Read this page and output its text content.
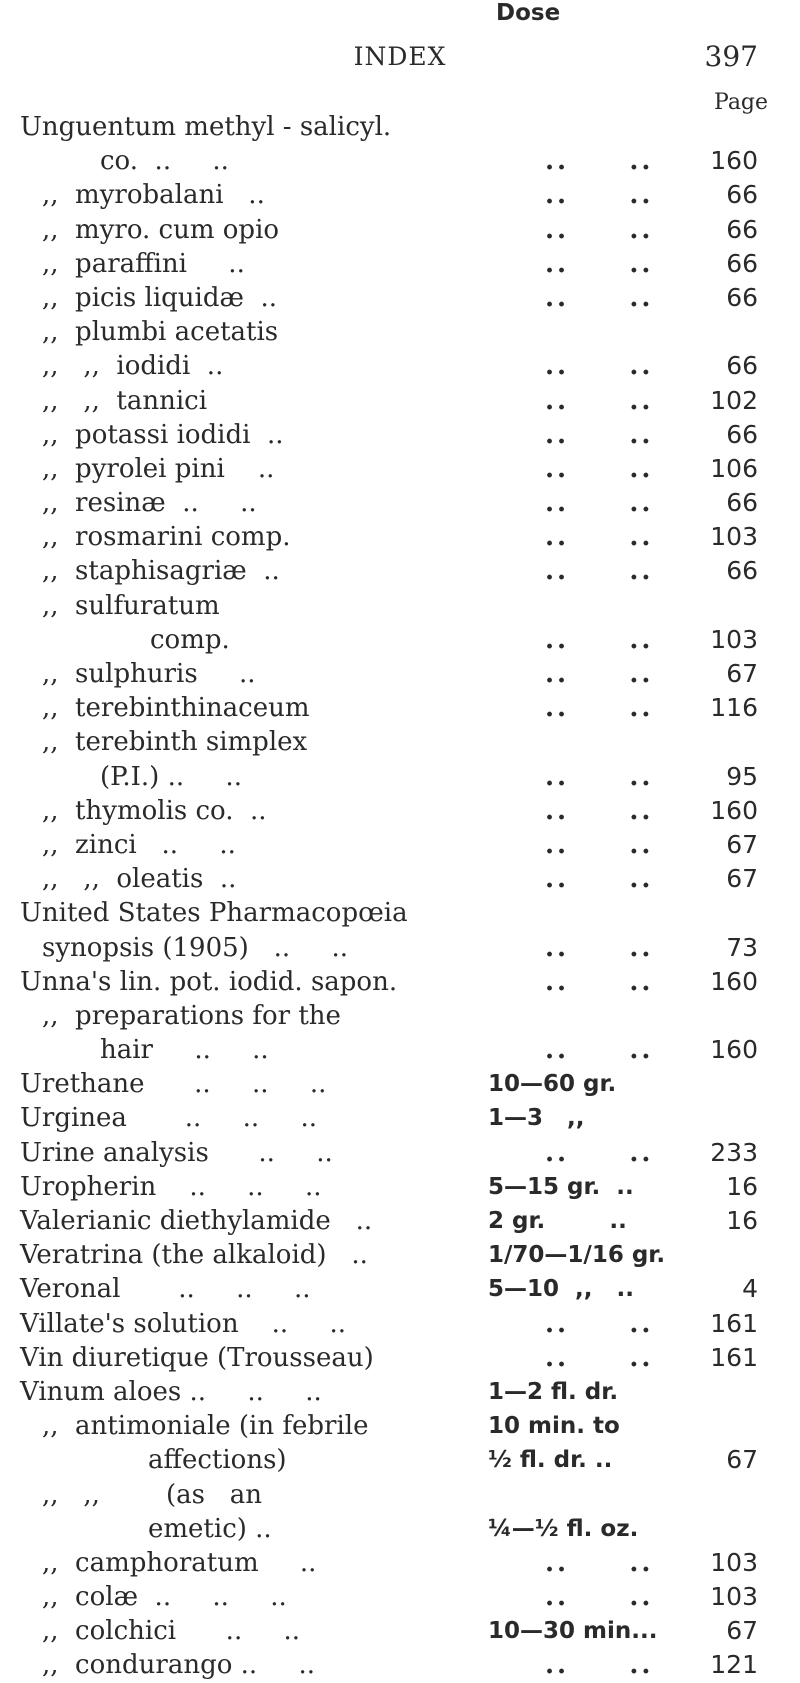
INDEX	397
Dose
Page
Unguentum methyl - salicyl.
co.  ..     ..	..     .. 160
,,  myrobalani   ..	..     ..	66
,,  myro. cum opio	..     ..	66
,,  paraffini     ..	..     ..	66
,,  picis liquidæ  ..	..     ..	66
,,  plumbi acetatis
,,   ,,  iodidi  ..	..     ..	66
,,   ,,  tannici	..     .. 102
,,  potassi iodidi  ..	..     ..	66
,,  pyrolei pini    ..	..     .. 106
,,  resinæ  ..     ..	..     ..	66
,,  rosmarini comp.	..     .. 103
,,  staphisagriæ  ..	..     ..	66
,,  sulfuratum
comp.	..     .. 103
,,  sulphuris     ..	..     ..	67
,,  terebinthinaceum	..     .. 116
,,  terebinth simplex
(P.I.) ..     ..	..     ..	95
,,  thymolis co.  ..	..     .. 160
,,  zinci   ..     ..	..     ..	67
,,   ,,  oleatis  ..	..     ..	67
United States Pharmacopœia
synopsis (1905)   ..     ..	..     ..	73
Unna's lin. pot. iodid. sapon.	..     .. 160
,,  preparations for the
hair     ..     ..	..     .. 160
Urethane      ..     ..     ..	10—60 gr.
Urginea       ..     ..     ..	1—3   ,,
Urine analysis      ..     ..	..     .. 233
Uropherin    ..     ..     ..	5—15 gr.  ..	16
Valerianic diethylamide   ..	2 gr.        ..	16
Veratrina (the alkaloid)   ..	1/70—1/16 gr.
Veronal       ..     ..     ..	5—10  ,,   ..	4
Villate's solution    ..     ..	..     .. 161
Vin diuretique (Trousseau)	..     .. 161
Vinum aloes ..     ..     ..	1—2 fl. dr.
,,  antimoniale (in febrile	10 min. to
affections)	½ fl. dr. ..	67
,,   ,,        (as   an
emetic) ..	¼—½ fl. oz.
,,  camphoratum     ..	..     .. 103
,,  colæ  ..     ..     ..	..     .. 103
,,  colchici      ..     ..	10—30 min...	67
,,  condurango ..     ..	..     .. 121
